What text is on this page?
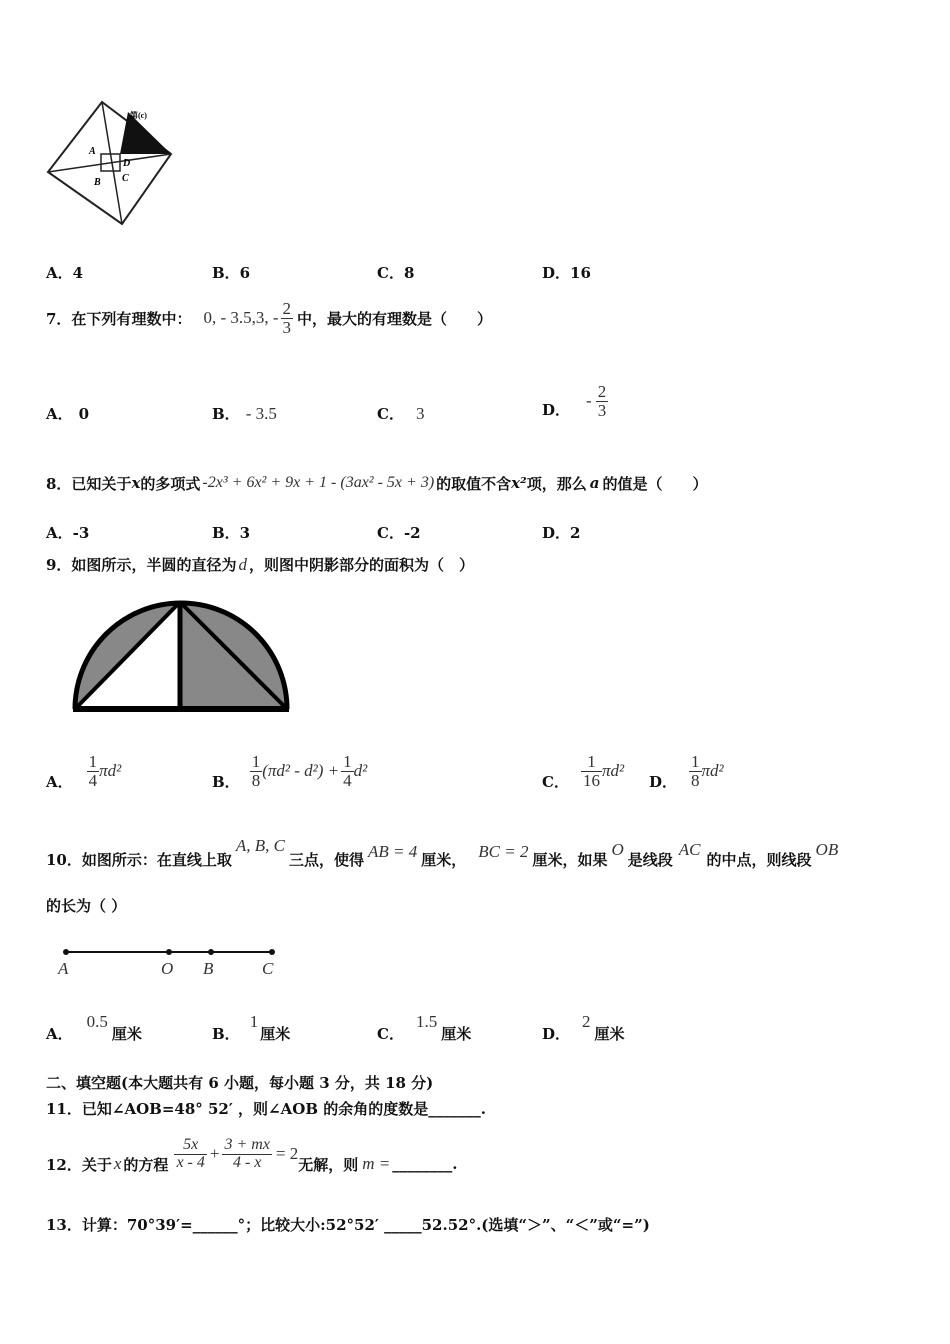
第(c)
A
B C
D
A．4	B．6	C．8	D．16
7．在下列有理数中： 0, - 3.5,3, - $\frac{2}{3}$ 中，最大的有理数是（　　）
A． 0	B． - 3.5	C． 3	D． - $\frac{2}{3}$
8．已知关于 x 的多项式 -2x³ + 6x² + 9x + 1 - (3ax² - 5x + 3) 的取值不含 x² 项，那么 a 的值是（　　）
A．-3	B．3	C．-2	D．2
9．如图所示，半圆的直径为 d ，则图中阴影部分的面积为（　）
A． $\frac{1}{4} \pi d^2$
B． $\frac{1}{8} (\pi d^2 - d^2) + \frac{1}{4} d^2$
C． $\frac{1}{16} \pi d^2$
D． $\frac{1}{8} \pi d^2$
10．如图所示：在直线上取
A, B, C
三点，使得 AB = 4 厘米， BC = 2 厘米，如果
O
是线段
AC
的中点，则线段
OB
的长为（ ）
A	O B	C
A．
0.5
厘米	B．
1
厘米	C．
1.5
厘米	D．
2
厘米
二、填空题(本大题共有 6 小题，每小题 3 分，共 18 分)
11．已知∠AOB=48° 52′ ，则∠AOB 的余角的度数是_______.
12．关于 x 的方程 $\frac{5x}{x - 4} + \frac{3 + mx}{4 - x} = 2$
无解，则 m = ________.
13．计算：70°39′=______°；比较大小:52°52′ _____52.52°.(选填“＞”、“＜”或“=”)
